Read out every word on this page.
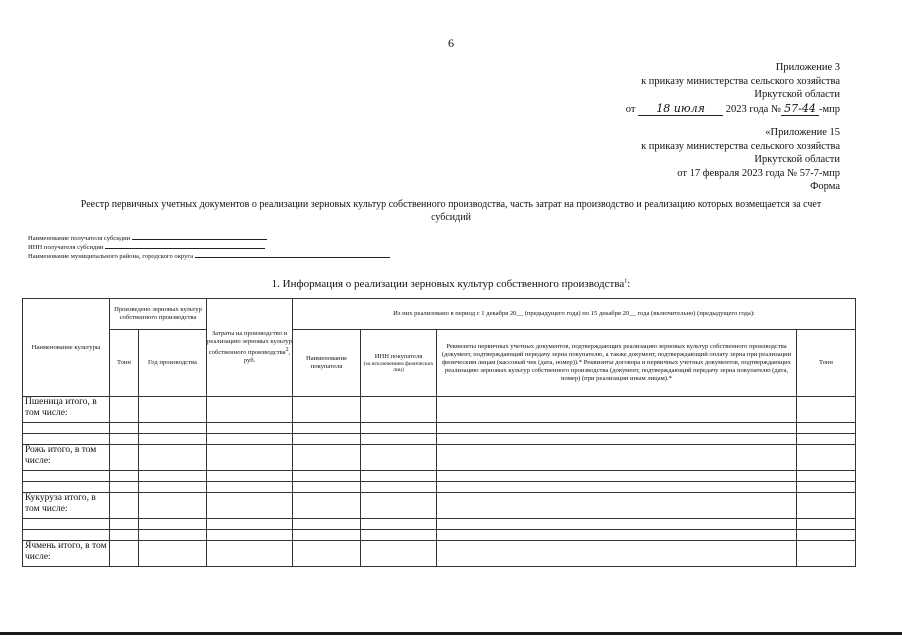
6
Приложение 3
к приказу министерства сельского хозяйства
Иркутской области
от 18 июля 2023 года № 57-44 -мпр
«Приложение 15
к приказу министерства сельского хозяйства
Иркутской области
от 17 февраля 2023 года № 57-7-мпр
Форма
Реестр первичных учетных документов о реализации зерновых культур собственного производства, часть затрат на производство и реализацию которых возмещается за счет субсидий
Наименование получателя субсидии
ИНН получателя субсидии
Наименование муниципального района, городского округа
1. Информация о реализации зерновых культур собственного производства$^1$:
Наименование культуры	Произведено зерновых культур собственного производства		Затраты на производство и реализацию зерновых культур собственного производства$^2$, руб.	Из них реализовано в период с 1 декабря 20__ (предыдущего года) по 15 декабря 20__ года (включительно) (предыдущего года):			
	Тонн	Год производства		Наименование покупателя	ИНН покупателя
(за исключением физических лиц)	Реквизиты первичных учетных документов, подтверждающих реализацию зерновых культур собственного производства (документ, подтверждающий передачу зерна покупателю, а также документ, подтверждающий оплату зерна при реализации физическим лицам (кассовый чек (дата, номер)).* Реквизиты договора и первичных учетных документов, подтверждающих реализацию зерновых культур собственного производства (документ, подтверждающий передачу зерна покупателю (дата, номер) (при реализации иным лицам).*	Тонн
Пшеница итого, в том числе:							

Рожь итого, в том числе:							

Кукуруза итого, в том числе:							

Ячмень итого, в том числе:							
